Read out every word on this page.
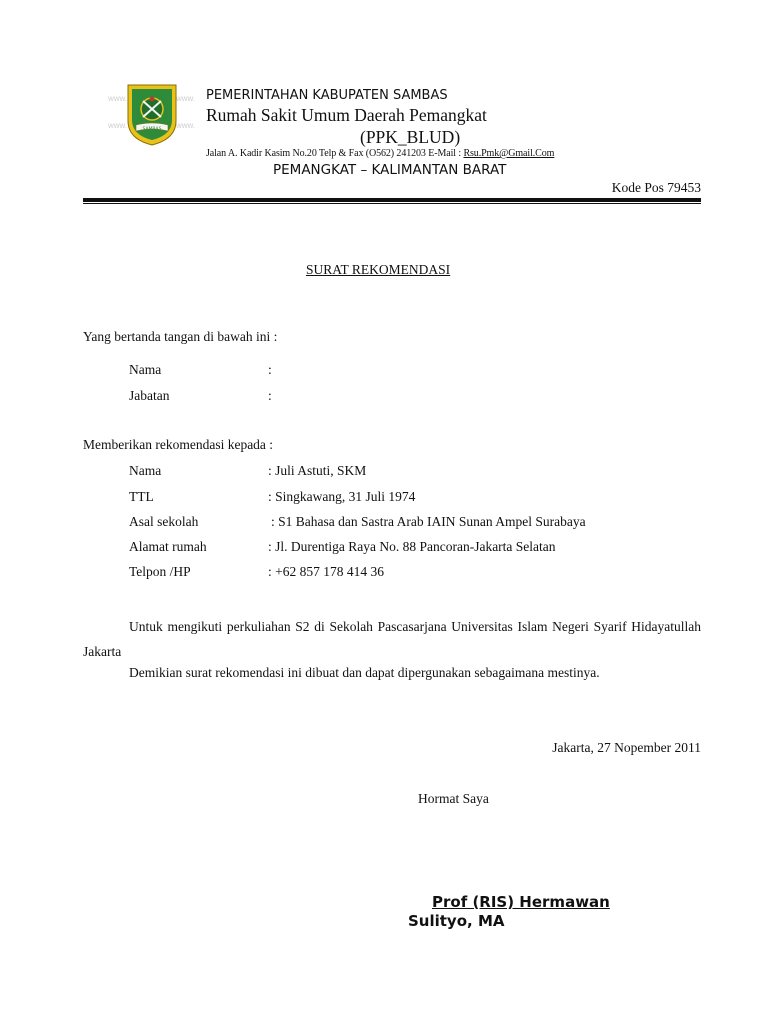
www.
www.
www.
www.
SAMBAS
PEMERINTAHAN KABUPATEN SAMBAS
Rumah Sakit Umum Daerah Pemangkat
(PPK_BLUD)
Jalan A. Kadir Kasim No.20 Telp & Fax (O562) 241203 E-Mail : Rsu.Pmk@Gmail.Com
PEMANGKAT – KALIMANTAN BARAT
Kode Pos 79453
SURAT REKOMENDASI
Yang bertanda tangan di bawah ini :
Nama	:
Jabatan	:
Memberikan rekomendasi kepada :
Nama	: Juli Astuti, SKM
TTL	: Singkawang, 31 Juli 1974
Asal sekolah	: S1 Bahasa dan Sastra Arab IAIN Sunan Ampel Surabaya
Alamat rumah	: Jl. Durentiga Raya No. 88 Pancoran-Jakarta Selatan
Telpon /HP	: +62 857 178 414 36
Untuk mengikuti perkuliahan S2 di Sekolah Pascasarjana Universitas Islam Negeri Syarif Hidayatullah Jakarta
Demikian surat rekomendasi ini dibuat dan dapat dipergunakan sebagaimana mestinya.
Jakarta, 27 Nopember 2011
Hormat Saya
Prof (RIS) Hermawan
Sulityo, MA
